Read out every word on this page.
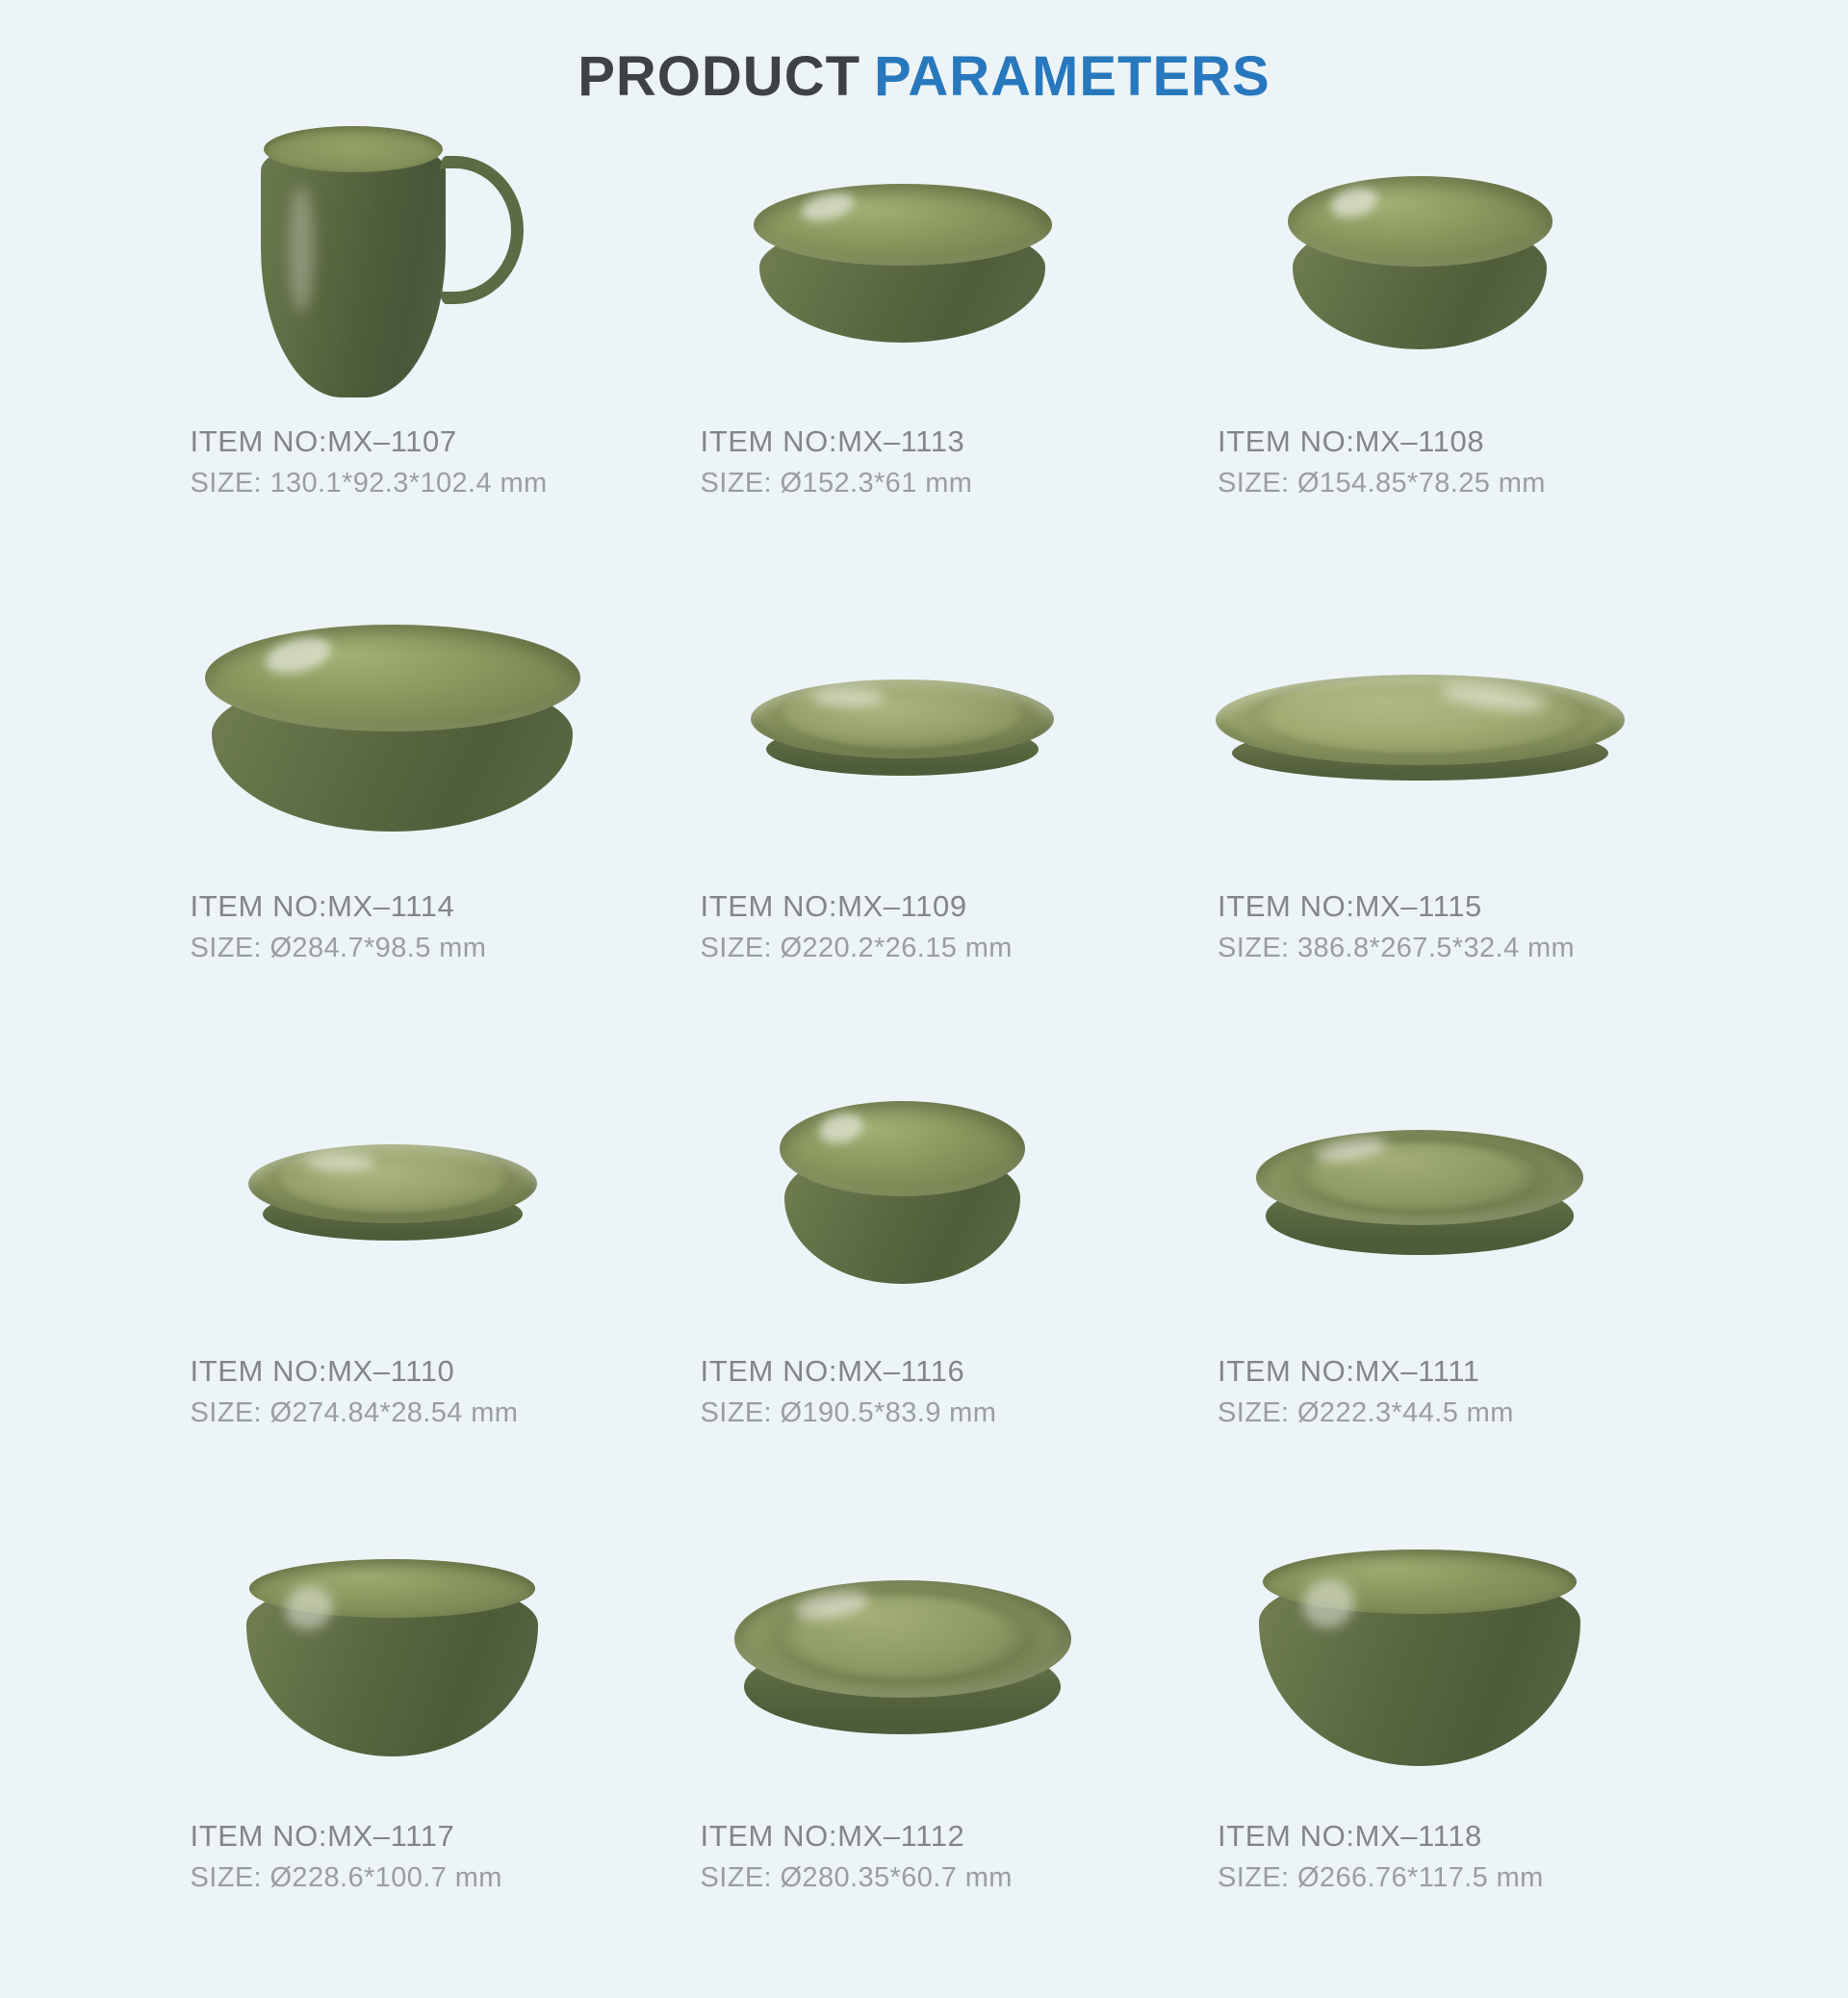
PRODUCT PARAMETERS
ITEM NO:MX–1107
SIZE: 130.1*92.3*102.4 mm
ITEM NO:MX–1113
SIZE: Ø152.3*61 mm
ITEM NO:MX–1108
SIZE: Ø154.85*78.25 mm
ITEM NO:MX–1114
SIZE: Ø284.7*98.5 mm
ITEM NO:MX–1109
SIZE: Ø220.2*26.15 mm
ITEM NO:MX–1115
SIZE: 386.8*267.5*32.4 mm
ITEM NO:MX–1110
SIZE: Ø274.84*28.54 mm
ITEM NO:MX–1116
SIZE: Ø190.5*83.9 mm
ITEM NO:MX–1111
SIZE: Ø222.3*44.5 mm
ITEM NO:MX–1117
SIZE: Ø228.6*100.7 mm
ITEM NO:MX–1112
SIZE: Ø280.35*60.7 mm
ITEM NO:MX–1118
SIZE: Ø266.76*117.5 mm
